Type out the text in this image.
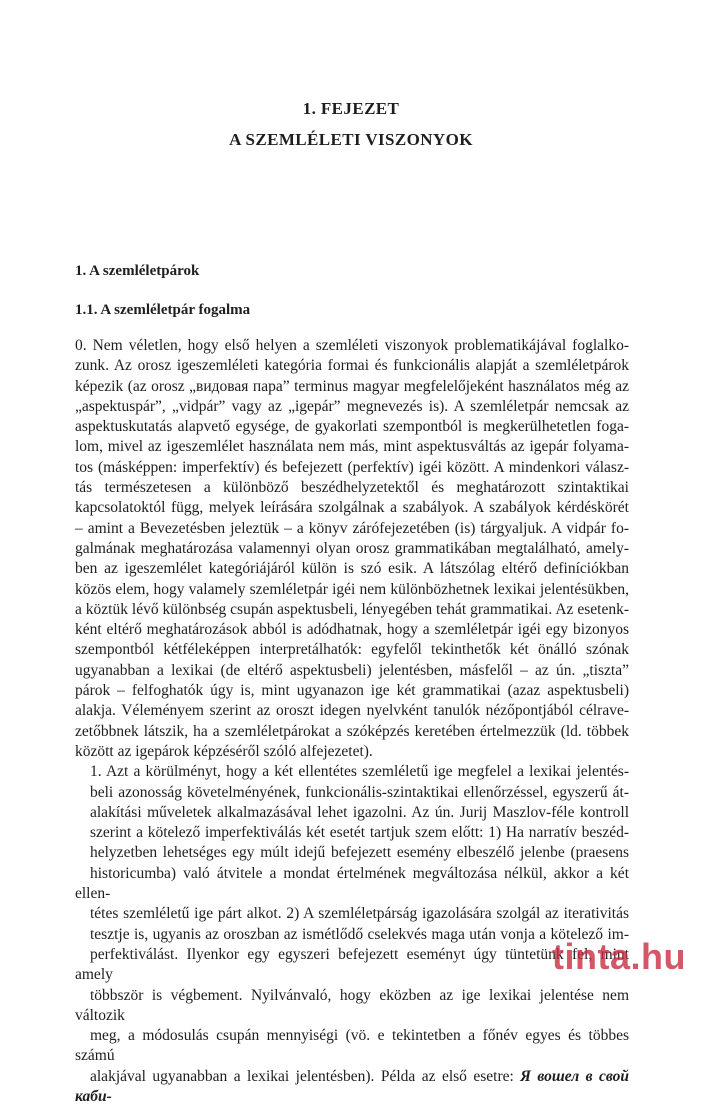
1. FEJEZET
A SZEMLÉLETI VISZONYOK
1. A szemléletpárok
1.1. A szemléletpár fogalma

0. Nem véletlen, hogy első helyen a szemléleti viszonyok problematikájával foglalko-
zunk. Az orosz igeszemléleti kategória formai és funkcionális alapját a szemléletpárok
képezik (az orosz „видовая пара” terminus magyar megfelelőjeként használatos még az
„aspektuspár”, „vidpár” vagy az „igepár” megnevezés is). A szemléletpár nemcsak az
aspektuskutatás alapvető egysége, de gyakorlati szempontból is megkerülhetetlen foga-
lom, mivel az igeszemlélet használata nem más, mint aspektusváltás az igepár folyama-
tos (másképpen: imperfektív) és befejezett (perfektív) igéi között. A mindenkori válasz-
tás természetesen a különböző beszédhelyzetektől és meghatározott szintaktikai
kapcsolatoktól függ, melyek leírására szolgálnak a szabályok. A szabályok kérdéskörét
– amint a Bevezetésben jeleztük – a könyv zárófejezetében (is) tárgyaljuk. A vidpár fo-
galmának meghatározása valamennyi olyan orosz grammatikában megtalálható, amely-
ben az igeszemlélet kategóriájáról külön is szó esik. A látszólag eltérő definíciókban
közös elem, hogy valamely szemléletpár igéi nem különbözhetnek lexikai jelentésükben,
a köztük lévő különbség csupán aspektusbeli, lényegében tehát grammatikai. Az esetenk-
ként eltérő meghatározások abból is adódhatnak, hogy a szemléletpár igéi egy bizonyos
szempontból kétféleképpen interpretálhatók: egyfelől tekinthetők két önálló szónak
ugyanabban a lexikai (de eltérő aspektusbeli) jelentésben, másfelől – az ún. „tiszta”
párok – felfoghatók úgy is, mint ugyanazon ige két grammatikai (azaz aspektusbeli)
alakja. Véleményem szerint az oroszt idegen nyelvként tanulók nézőpontjából célrave-
zetőbbnek látszik, ha a szemléletpárokat a szóképzés keretében értelmezzük (ld. többek
között az igepárok képzéséről szóló alfejezetet).

1. Azt a körülményt, hogy a két ellentétes szemléletű ige megfelel a lexikai jelentés-
beli azonosság követelményének, funkcionális-szintaktikai ellenőrzéssel, egyszerű át-
alakítási műveletek alkalmazásával lehet igazolni. Az ún. Jurij Maszlov-féle kontroll
szerint a kötelező imperfektiválás két esetét tartjuk szem előtt: 1) Ha narratív beszéd-
helyzetben lehetséges egy múlt idejű befejezett esemény elbeszélő jelenbe (praesens
historicumba) való átvitele a mondat értelmének megváltozása nélkül, akkor a két ellen-
tétes szemléletű ige párt alkot. 2) A szemléletpárság igazolására szolgál az iterativitás
tesztje is, ugyanis az oroszban az ismétlődő cselekvés maga után vonja a kötelező im-
perfektiválást. Ilyenkor egy egyszeri befejezett eseményt úgy tüntetünk fel, mint amely
többször is végbement. Nyilvánvaló, hogy eközben az ige lexikai jelentése nem változik
meg, a módosulás csupán mennyiségi (vö. e tekintetben a főnév egyes és többes számú
alakjával ugyanabban a lexikai jelentésben). Példa az első esetre: Я вошел в свой каби-

tinta.hu
